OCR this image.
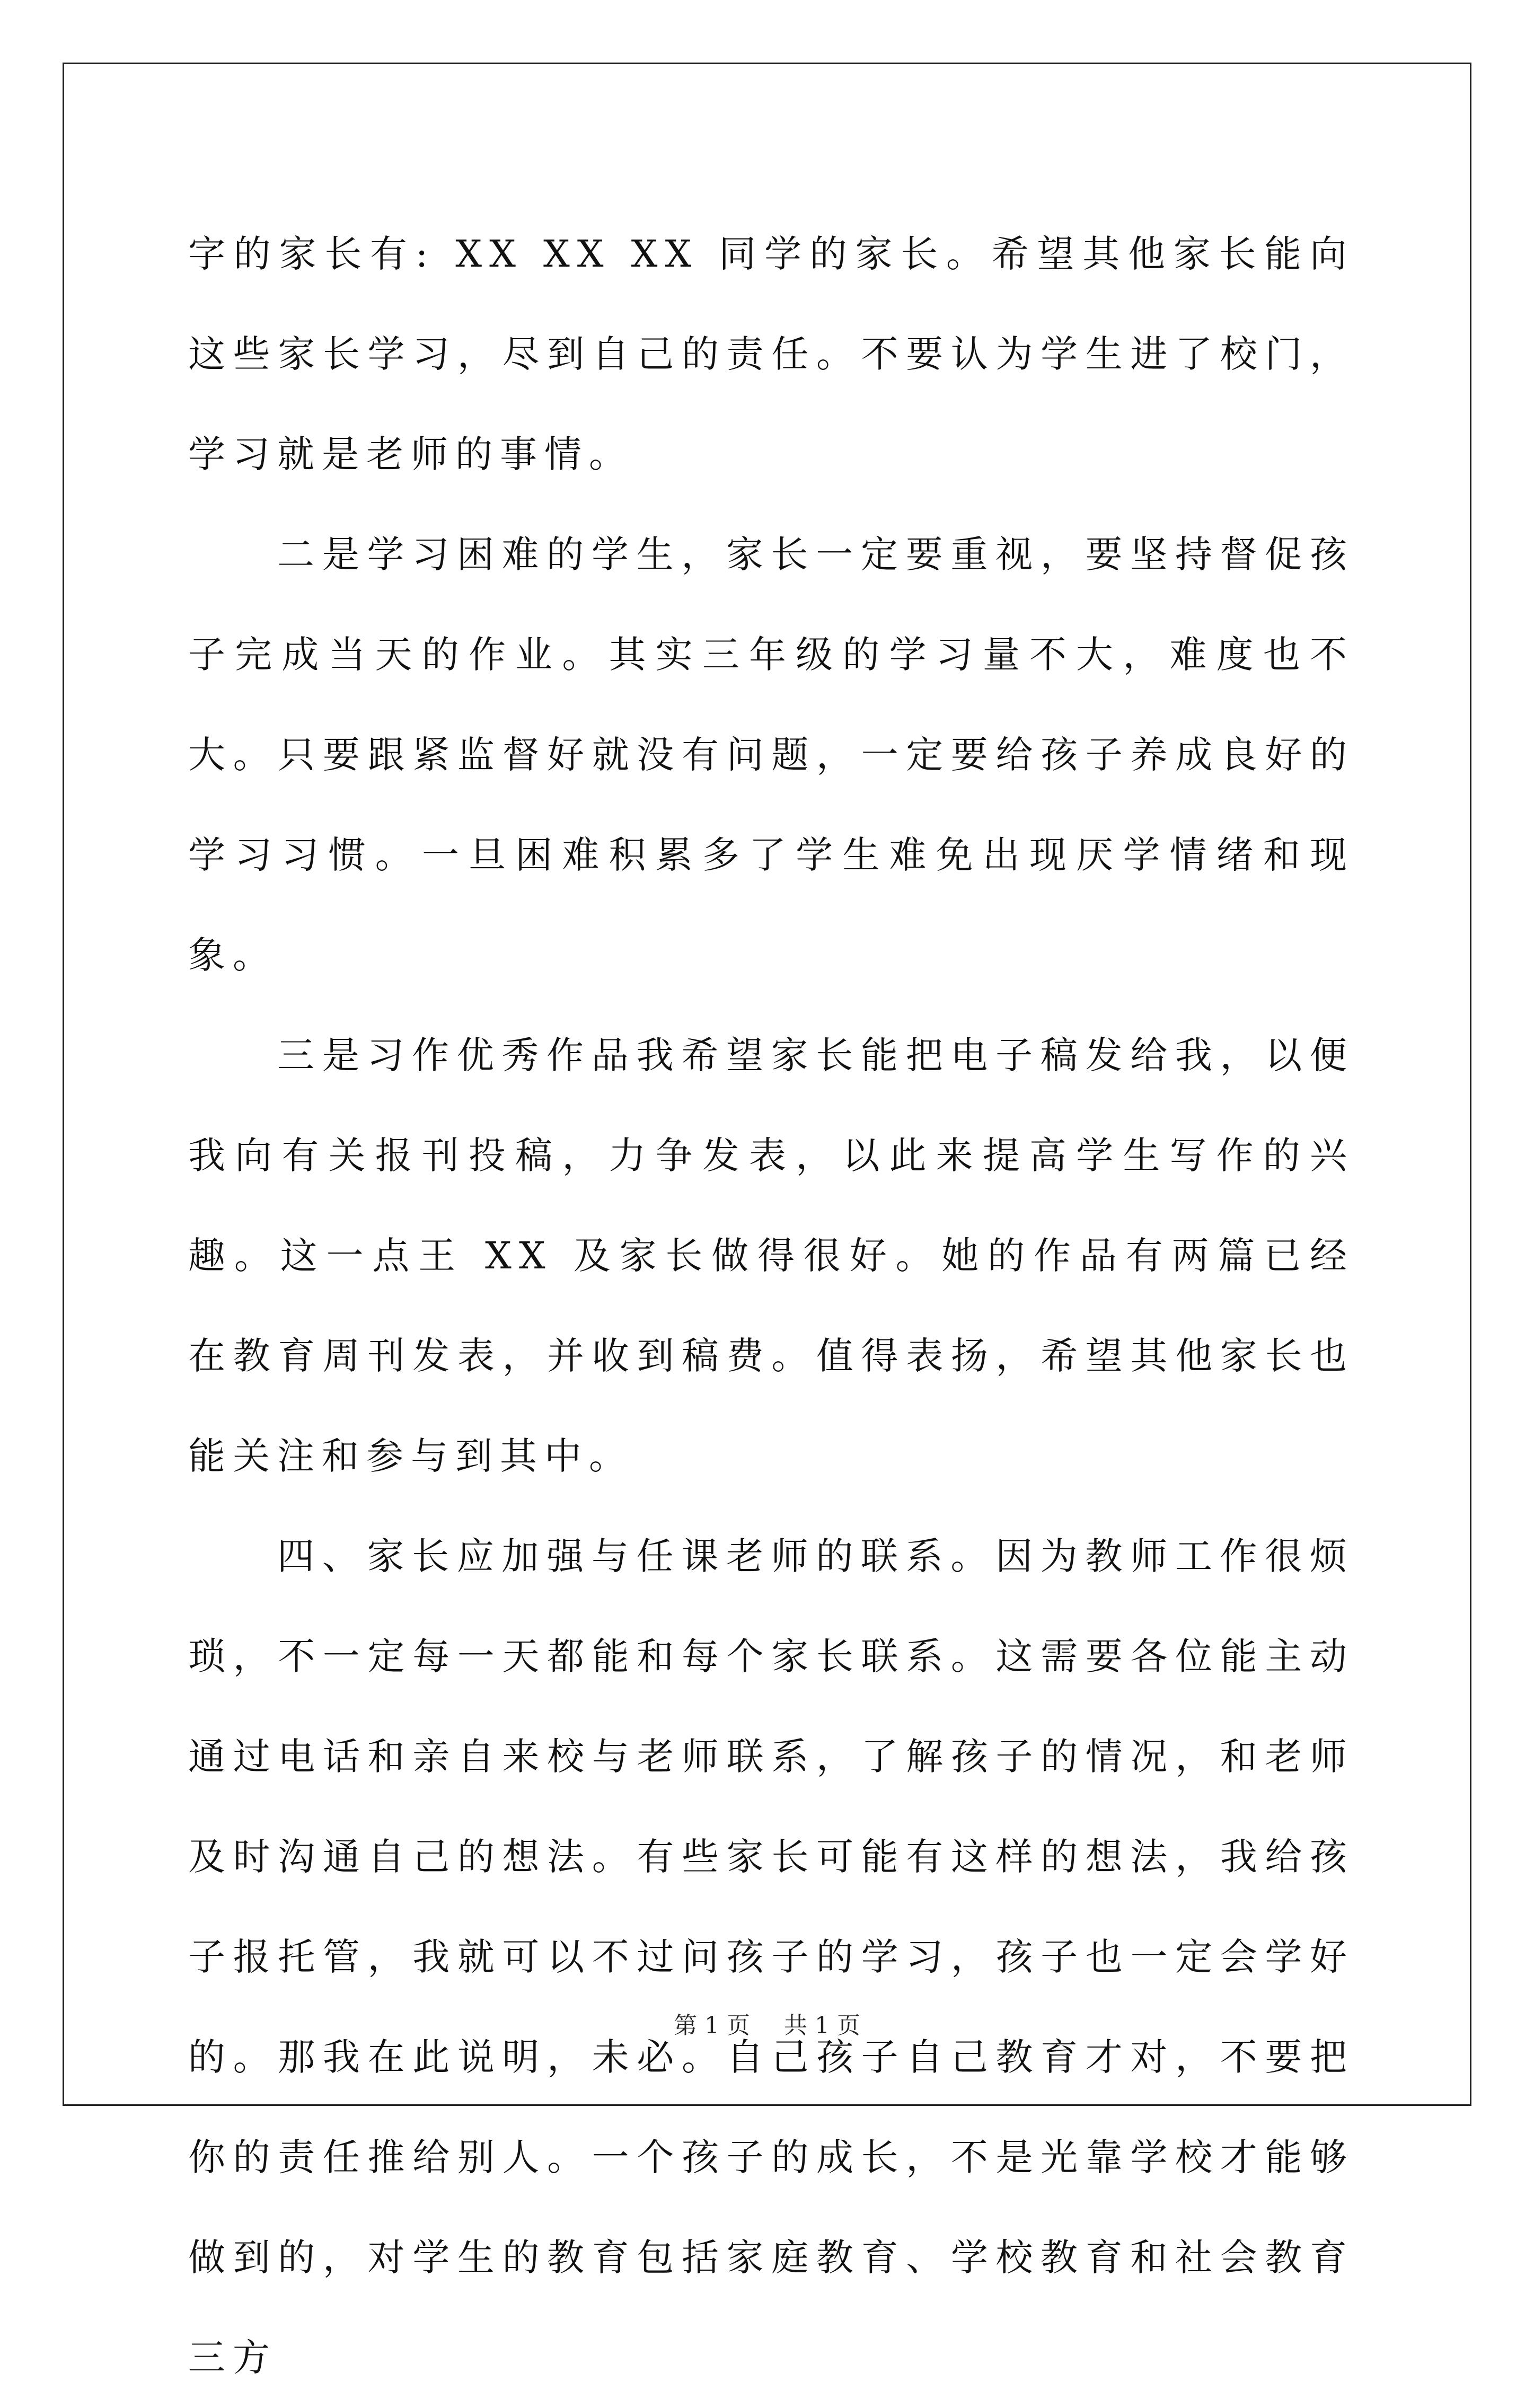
字的家长有: XX XX XX 同学的家长。希望其他家长能向这些家长学习，尽到自己的责任。不要认为学生进了校门，学习就是老师的事情。

二是学习困难的学生，家长一定要重视，要坚持督促孩子完成当天的作业。其实三年级的学习量不大，难度也不大。只要跟紧监督好就没有问题，一定要给孩子养成良好的学习习惯。一旦困难积累多了学生难免出现厌学情绪和现象。

三是习作优秀作品我希望家长能把电子稿发给我，以便我向有关报刊投稿，力争发表，以此来提高学生写作的兴趣。这一点王 XX 及家长做得很好。她的作品有两篇已经在教育周刊发表，并收到稿费。值得表扬，希望其他家长也能关注和参与到其中。

四、家长应加强与任课老师的联系。因为教师工作很烦琐，不一定每一天都能和每个家长联系。这需要各位能主动通过电话和亲自来校与老师联系，了解孩子的情况，和老师及时沟通自己的想法。有些家长可能有这样的想法，我给孩子报托管，我就可以不过问孩子的学习，孩子也一定会学好的。那我在此说明，未必。自己孩子自己教育才对，不要把你的责任推给别人。一个孩子的成长，不是光靠学校才能够做到的，对学生的教育包括家庭教育、学校教育和社会教育三方

第 1 页 共 1 页
